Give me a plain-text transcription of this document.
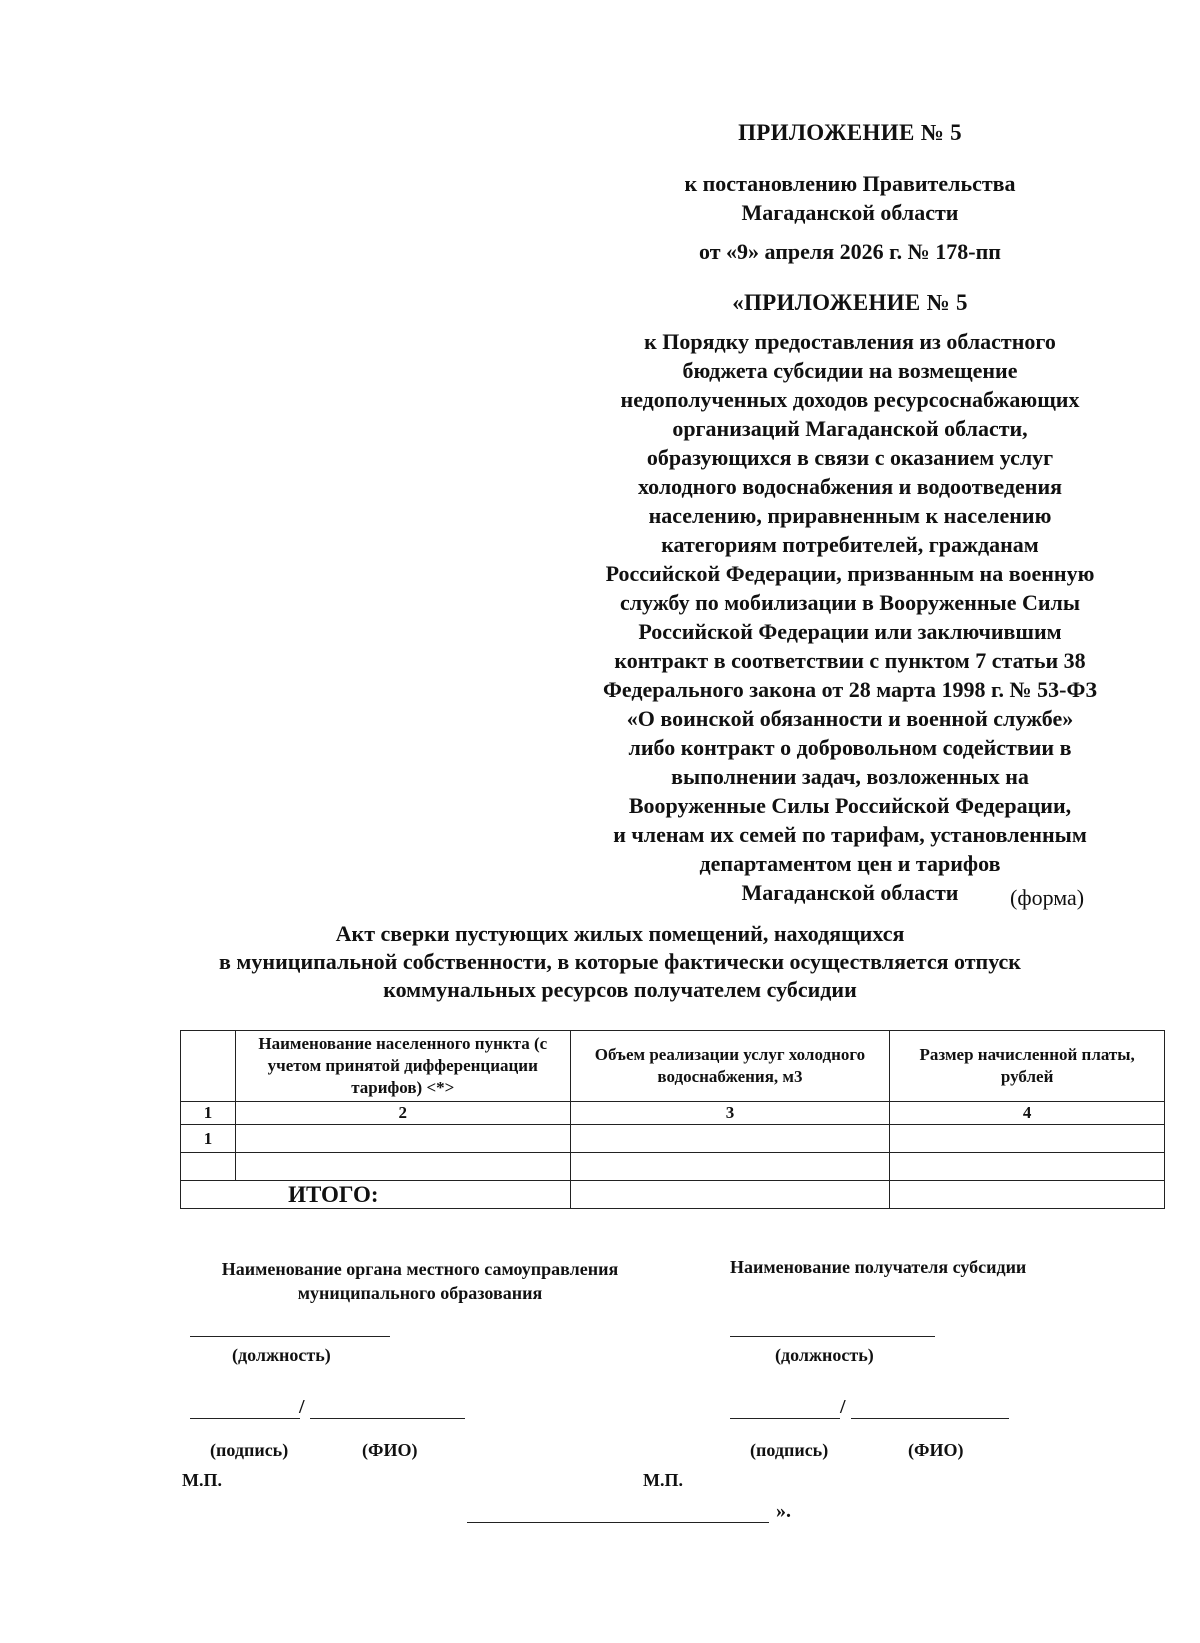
ПРИЛОЖЕНИЕ № 5
к постановлению Правительства
Магаданской области
от «9» апреля 2026 г. № 178-пп
«ПРИЛОЖЕНИЕ № 5
к Порядку предоставления из областного
бюджета субсидии на возмещение
недополученных доходов ресурсоснабжающих
организаций Магаданской области,
образующихся в связи с оказанием услуг
холодного водоснабжения и водоотведения
населению, приравненным к населению
категориям потребителей, гражданам
Российской Федерации, призванным на военную
службу по мобилизации в Вооруженные Силы
Российской Федерации или заключившим
контракт в соответствии с пунктом 7 статьи 38
Федерального закона от 28 марта 1998 г. № 53-ФЗ
«О воинской обязанности и военной службе»
либо контракт о добровольном содействии в
выполнении задач, возложенных на
Вооруженные Силы Российской Федерации,
и членам их семей по тарифам, установленным
департаментом цен и тарифов
Магаданской области	(форма)
Акт сверки пустующих жилых помещений, находящихся
в муниципальной собственности, в которые фактически осуществляется отпуск
коммунальных ресурсов получателем субсидии
	Наименование населенного пункта (с учетом принятой дифференциации тарифов) <*>	Объем реализации услуг холодного водоснабжения, м3	Размер начисленной платы, рублей
1	2	3	4
1			

ИТОГО:			
Наименование органа местного самоуправления
муниципального образования
(должность)
/
(подпись)	(ФИО)
М.П.
Наименование получателя субсидии
(должность)
/
(подпись)	(ФИО)
М.П.
».
